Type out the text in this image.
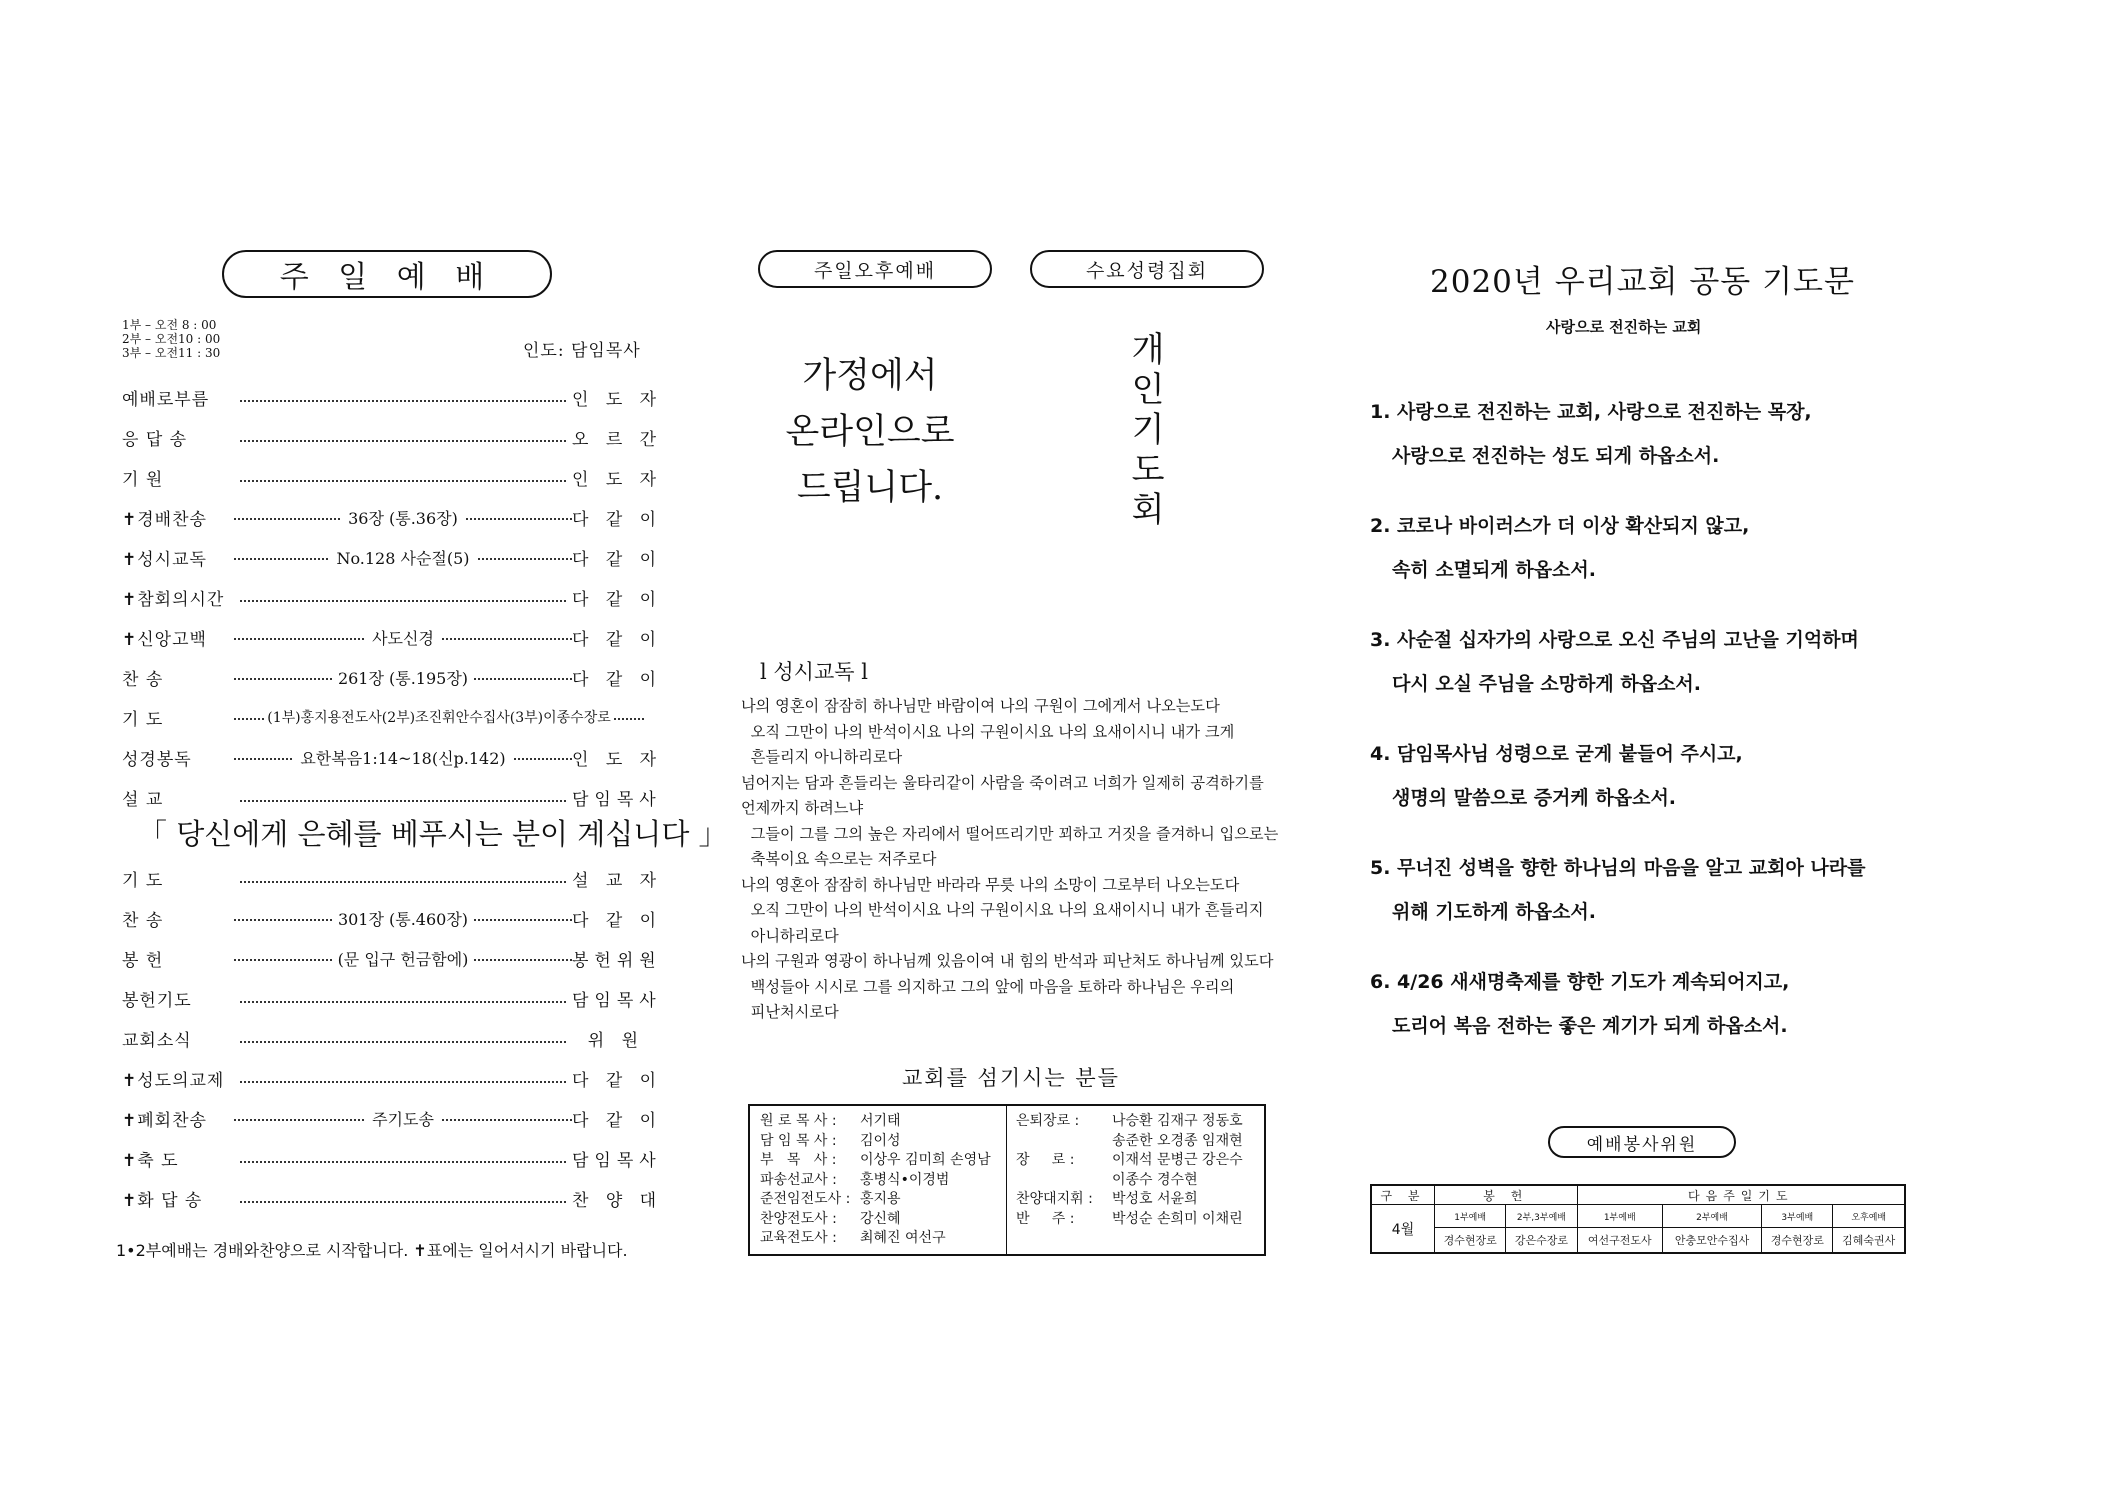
주 일 예 배
1부 – 오전 8 : 00
2부 – 오전10 : 00
3부 – 오전11 : 30	인도: 담임목사
예배로부름	인 도 자
응 답 송	오 르 간
기 원	인 도 자
✝경배찬송	36장 (통.36장)	다 같 이
✝성시교독	No.128 사순절(5)	다 같 이
✝참회의시간	다 같 이
✝신앙고백	사도신경	다 같 이
찬 송	261장 (통.195장)	다 같 이
기 도	(1부)홍지용전도사(2부)조진휘안수집사(3부)이종수장로
성경봉독	요한복음1:14~18(신p.142)	인 도 자
설 교	담임목사
「 당신에게 은혜를 베푸시는 분이 계십니다 」
기 도	설 교 자
찬 송	301장 (통.460장)	다 같 이
봉 헌	(문 입구 헌금함에)	봉헌위원
봉헌기도	담임목사
교회소식	위 원
✝성도의교제	다 같 이
✝폐회찬송	주기도송	다 같 이
✝축 도	담임목사
✝화 답 송	찬 양 대
1•2부예배는 경배와찬양으로 시작합니다. ✝표에는 일어서시기 바랍니다.
주일오후예배	수요성령집회
가정에서
온라인으로
드립니다.
개
인
기
도
회
l 성시교독 l
나의 영혼이 잠잠히 하나님만 바람이여 나의 구원이 그에게서 나오는도다
오직 그만이 나의 반석이시요 나의 구원이시요 나의 요새이시니 내가 크게
흔들리지 아니하리로다
넘어지는 담과 흔들리는 울타리같이 사람을 죽이려고 너희가 일제히 공격하기를
언제까지 하려느냐
그들이 그를 그의 높은 자리에서 떨어뜨리기만 꾀하고 거짓을 즐겨하니 입으로는
축복이요 속으로는 저주로다
나의 영혼아 잠잠히 하나님만 바라라 무릇 나의 소망이 그로부터 나오는도다
오직 그만이 나의 반석이시요 나의 구원이시요 나의 요새이시니 내가 흔들리지
아니하리로다
나의 구원과 영광이 하나님께 있음이여 내 힘의 반석과 피난처도 하나님께 있도다
백성들아 시시로 그를 의지하고 그의 앞에 마음을 토하라 하나님은 우리의
피난처시로다
교회를 섬기시는 분들
원 로 목 사 :	서기태
담 임 목 사 :	김이성
부   목   사 :	이상우 김미희 손영남
파송선교사 :	홍병식•이경범
준전임전도사 : 홍지용
찬양전도사 :	강신혜
교육전도사 :	최혜진 여선구
은퇴장로 :	나승환 김재구 정동호
송준한 오경종 임재현
장     로 :	이재석 문병근 강은수
이종수 경수현
찬양대지휘 :	박성호 서윤희
반     주 :	박성순 손희미 이채린
2020년 우리교회 공동 기도문
사랑으로 전진하는 교회
1. 사랑으로 전진하는 교회, 사랑으로 전진하는 목장,
사랑으로 전진하는 성도 되게 하옵소서.
2. 코로나 바이러스가 더 이상 확산되지 않고,
속히 소멸되게 하옵소서.
3. 사순절 십자가의 사랑으로 오신 주님의 고난을 기억하며
다시 오실 주님을 소망하게 하옵소서.
4. 담임목사님 성령으로 굳게 붙들어 주시고,
생명의 말씀으로 증거케 하옵소서.
5. 무너진 성벽을 향한 하나님의 마음을 알고 교회아 나라를
위해 기도하게 하옵소서.
6. 4/26 새새명축제를 향한 기도가 계속되어지고,
도리어 복음 전하는 좋은 계기가 되게 하옵소서.
예배봉사위원
구 분	봉 헌		다음주일기도			
4월	1부예배	2부,3부예배	1부예배	2부예배	3부예배	오후예배
	경수현장로	강은수장로	여선구전도사	안충모안수집사	경수현장로	김혜숙권사
